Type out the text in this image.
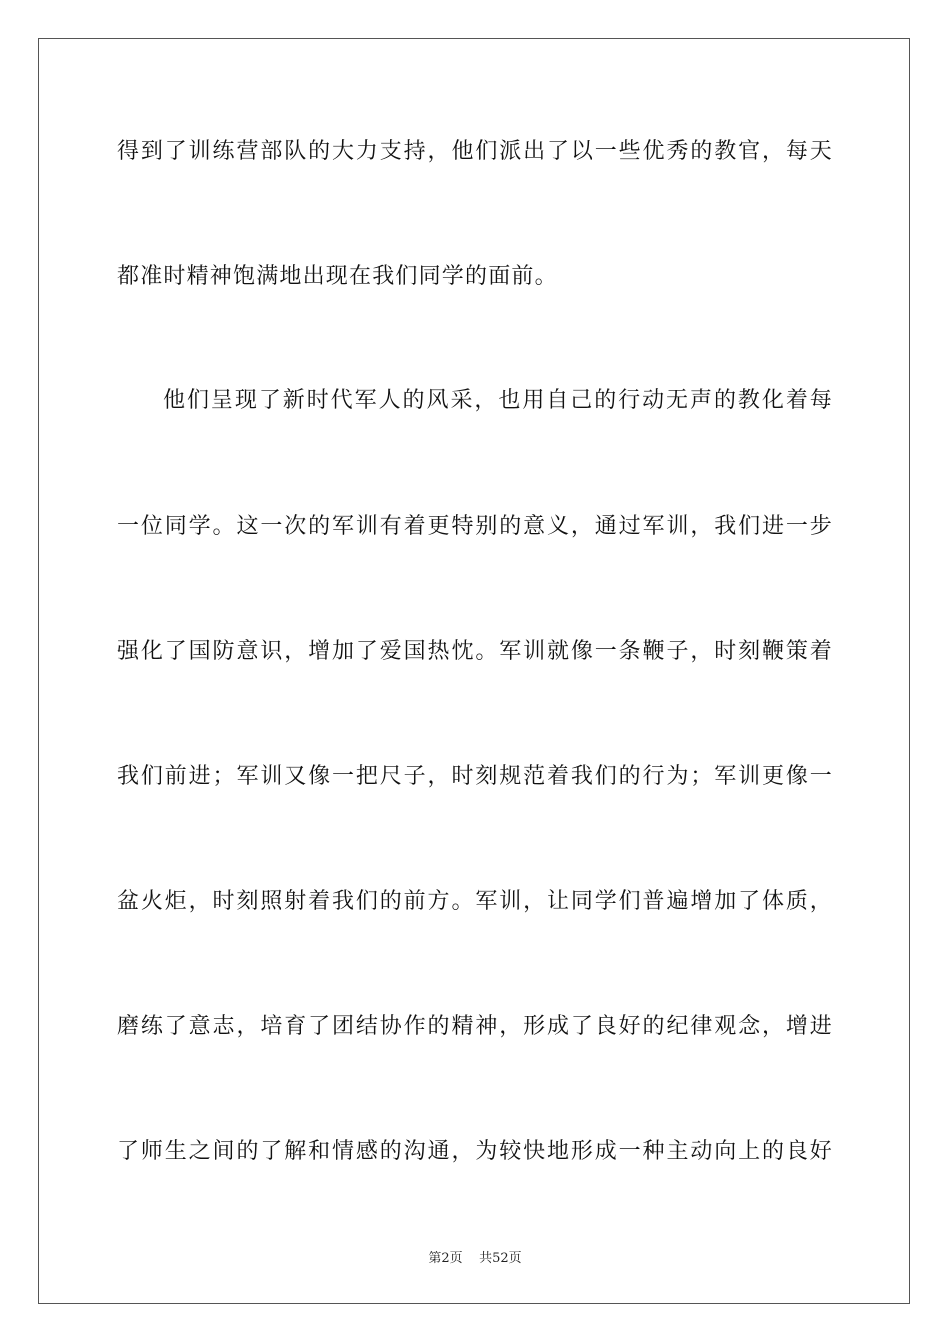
得到了训练营部队的大力支持，他们派出了以一些优秀的教官，每天
都准时精神饱满地出现在我们同学的面前。
他们呈现了新时代军人的风采，也用自己的行动无声的教化着每
一位同学。这一次的军训有着更特别的意义，通过军训，我们进一步
强化了国防意识，增加了爱国热忱。军训就像一条鞭子，时刻鞭策着
我们前进；军训又像一把尺子，时刻规范着我们的行为；军训更像一
盆火炬，时刻照射着我们的前方。军训，让同学们普遍增加了体质，
磨练了意志，培育了团结协作的精神，形成了良好的纪律观念，增进
了师生之间的了解和情感的沟通，为较快地形成一种主动向上的良好
第2页 共52页
